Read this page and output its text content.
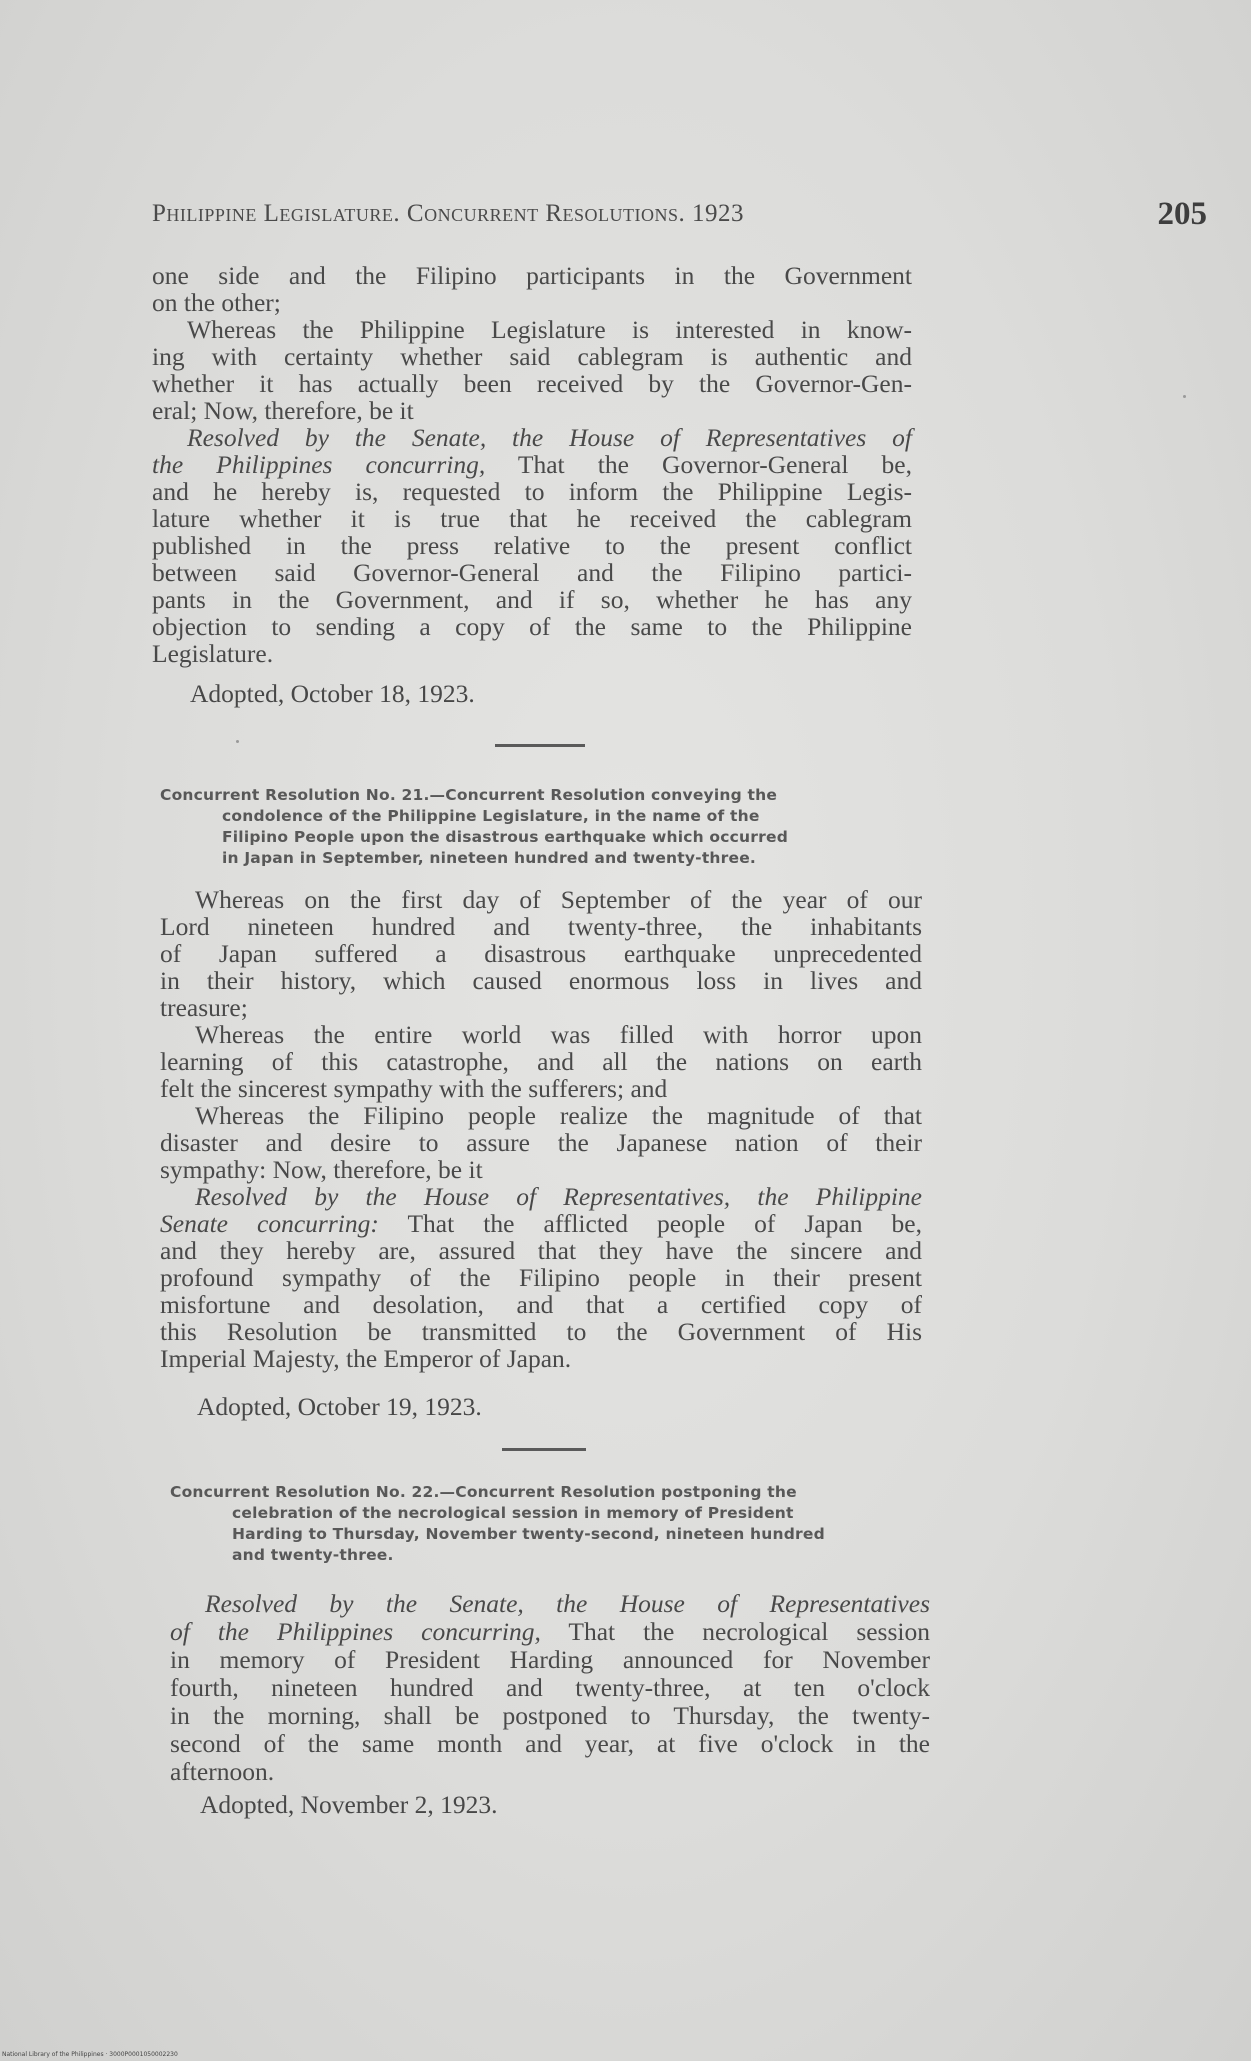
Philippine Legislature. Concurrent Resolutions. 1923	205
one side and the Filipino participants in the Government
on the other;
Whereas the Philippine Legislature is interested in know-
ing with certainty whether said cablegram is authentic and
whether it has actually been received by the Governor-Gen-
eral; Now, therefore, be it
Resolved by the Senate, the House of Representatives of
the Philippines concurring, That the Governor-General be,
and he hereby is, requested to inform the Philippine Legis-
lature whether it is true that he received the cablegram
published in the press relative to the present conflict
between said Governor-General and the Filipino partici-
pants in the Government, and if so, whether he has any
objection to sending a copy of the same to the Philippine
Legislature.
Adopted, October 18, 1923.
Concurrent Resolution No. 21.—Concurrent Resolution conveying the
condolence of the Philippine Legislature, in the name of the
Filipino People upon the disastrous earthquake which occurred
in Japan in September, nineteen hundred and twenty-three.
Whereas on the first day of September of the year of our
Lord nineteen hundred and twenty-three, the inhabitants
of Japan suffered a disastrous earthquake unprecedented
in their history, which caused enormous loss in lives and
treasure;
Whereas the entire world was filled with horror upon
learning of this catastrophe, and all the nations on earth
felt the sincerest sympathy with the sufferers; and
Whereas the Filipino people realize the magnitude of that
disaster and desire to assure the Japanese nation of their
sympathy: Now, therefore, be it
Resolved by the House of Representatives, the Philippine
Senate concurring: That the afflicted people of Japan be,
and they hereby are, assured that they have the sincere and
profound sympathy of the Filipino people in their present
misfortune and desolation, and that a certified copy of
this Resolution be transmitted to the Government of His
Imperial Majesty, the Emperor of Japan.
Adopted, October 19, 1923.
Concurrent Resolution No. 22.—Concurrent Resolution postponing the
celebration of the necrological session in memory of President
Harding to Thursday, November twenty-second, nineteen hundred
and twenty-three.
Resolved by the Senate, the House of Representatives
of the Philippines concurring, That the necrological session
in memory of President Harding announced for November
fourth, nineteen hundred and twenty-three, at ten o'clock
in the morning, shall be postponed to Thursday, the twenty-
second of the same month and year, at five o'clock in the
afternoon.
Adopted, November 2, 1923.
National Library of the Philippines · 3000P0001050002230
